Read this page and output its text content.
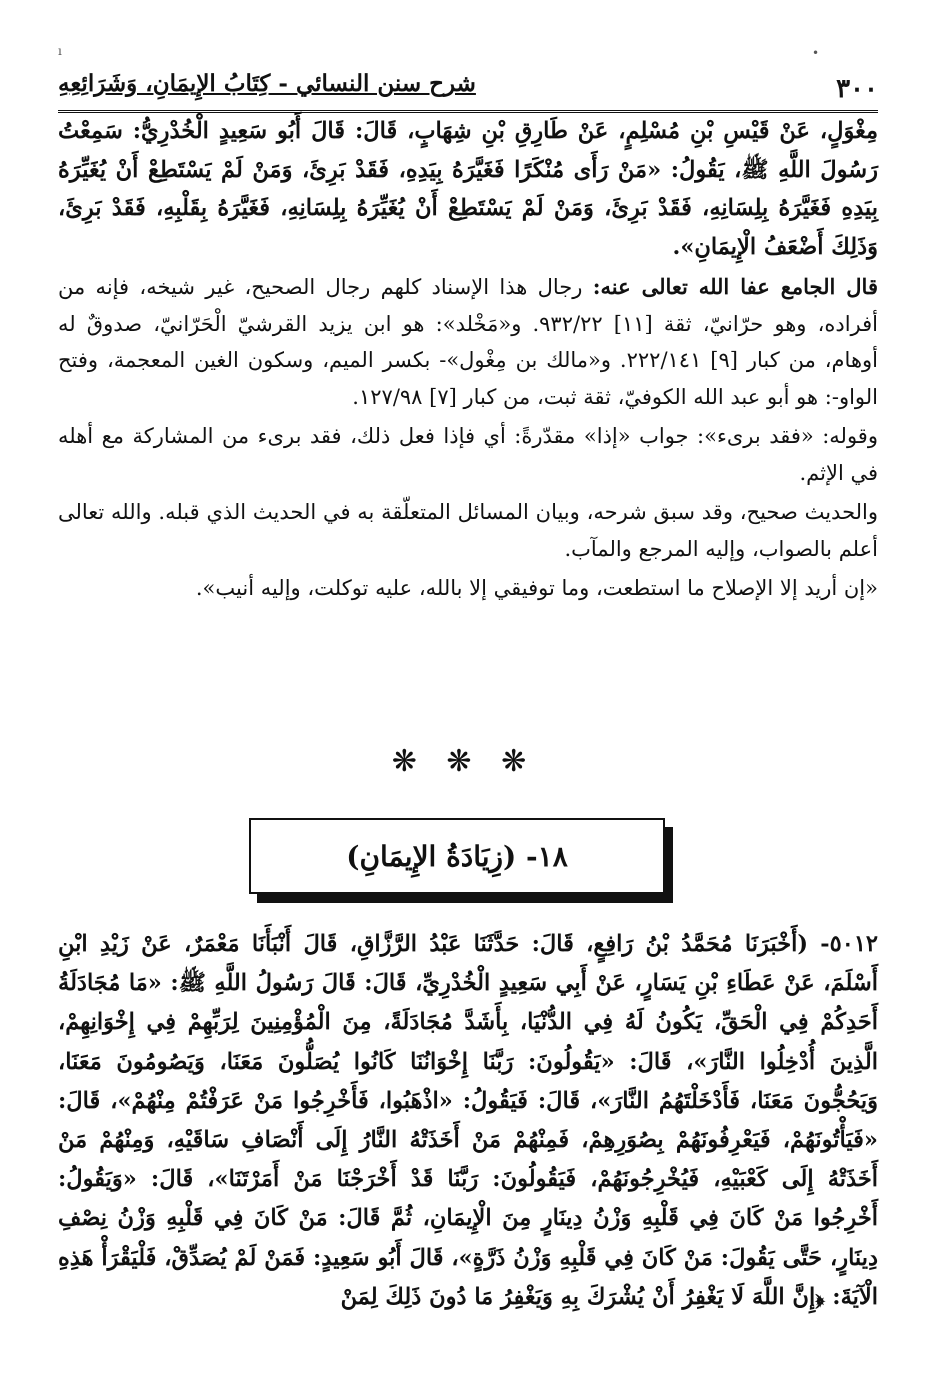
ı	•
٣٠٠
شرح سنن النسائي - كِتَابُ الإِيمَانِ، وَشَرَائِعِهِ

مِغْوَلٍ، عَنْ قَيْسِ بْنِ مُسْلِمٍ، عَنْ طَارِقِ بْنِ شِهَابٍ، قَالَ: قَالَ أَبُو سَعِيدٍ الْخُدْرِيُّ: سَمِعْتُ رَسُولَ اللَّهِ ﷺ، يَقُولُ: «مَنْ رَأَى مُنْكَرًا فَغَيَّرَهُ بِيَدِهِ، فَقَدْ بَرِئَ، وَمَنْ لَمْ يَسْتَطِعْ أَنْ يُغَيِّرَهُ بِيَدِهِ فَغَيَّرَهُ بِلِسَانِهِ، فَقَدْ بَرِئَ، وَمَنْ لَمْ يَسْتَطِعْ أَنْ يُغَيِّرَهُ بِلِسَانِهِ، فَغَيَّرَهُ بِقَلْبِهِ، فَقَدْ بَرِئَ، وَذَلِكَ أَضْعَفُ الْإِيمَانِ».

قال الجامع عفا الله تعالى عنه: رجال هذا الإسناد كلهم رجال الصحيح، غير شيخه، فإنه من أفراده، وهو حرّانيّ، ثقة [١١] ٩٣٢/٢٢. و«مَخْلد»: هو ابن يزيد القرشيّ الْحَرّانيّ، صدوقٌ له أوهام، من كبار [٩] ٢٢٢/١٤١. و«مالك بن مِغْول»- بكسر الميم، وسكون الغين المعجمة، وفتح الواو-: هو أبو عبد الله الكوفيّ، ثقة ثبت، من كبار [٧] ١٢٧/٩٨.

وقوله: «فقد برىء»: جواب «إذا» مقدّرةً: أي فإذا فعل ذلك، فقد برىء من المشاركة مع أهله في الإثم.

والحديث صحيح، وقد سبق شرحه، وبيان المسائل المتعلّقة به في الحديث الذي قبله. والله تعالى أعلم بالصواب، وإليه المرجع والمآب.

«إن أريد إلا الإصلاح ما استطعت، وما توفيقي إلا بالله، عليه توكلت، وإليه أنيب».

❋ ❋ ❋
١٨- (زِيَادَةُ الإِيمَانِ)

٥٠١٢- (أَخْبَرَنَا مُحَمَّدُ بْنُ رَافِعٍ، قَالَ: حَدَّثَنَا عَبْدُ الرَّزَّاقِ، قَالَ أَنْبَأَنَا مَعْمَرٌ، عَنْ زَيْدِ ابْنِ أَسْلَمَ، عَنْ عَطَاءِ بْنِ يَسَارٍ، عَنْ أَبِي سَعِيدٍ الْخُدْرِيِّ، قَالَ: قَالَ رَسُولُ اللَّهِ ﷺ: «مَا مُجَادَلَةُ أَحَدِكُمْ فِي الْحَقِّ، يَكُونُ لَهُ فِي الدُّنْيَا، بِأَشَدَّ مُجَادَلَةً، مِنَ الْمُؤْمِنِينَ لِرَبِّهِمْ فِي إِخْوَانِهِمْ، الَّذِينَ أُدْخِلُوا النَّارَ»، قَالَ: «يَقُولُونَ: رَبَّنَا إِخْوَانُنَا كَانُوا يُصَلُّونَ مَعَنَا، وَيَصُومُونَ مَعَنَا، وَيَحُجُّونَ مَعَنَا، فَأَدْخَلْتَهُمُ النَّارَ»، قَالَ: فَيَقُولُ: «اذْهَبُوا، فَأَخْرِجُوا مَنْ عَرَفْتُمْ مِنْهُمْ»، قَالَ: «فَيَأْتُونَهُمْ، فَيَعْرِفُونَهُمْ بِصُوَرِهِمْ، فَمِنْهُمْ مَنْ أَخَذَتْهُ النَّارُ إِلَى أَنْصَافِ سَاقَيْهِ، وَمِنْهُمْ مَنْ أَخَذَتْهُ إِلَى كَعْبَيْهِ، فَيُخْرِجُونَهُمْ، فَيَقُولُونَ: رَبَّنَا قَدْ أَخْرَجْنَا مَنْ أَمَرْتَنَا»، قَالَ: «وَيَقُولُ: أَخْرِجُوا مَنْ كَانَ فِي قَلْبِهِ وَزْنُ دِينَارٍ مِنَ الْإِيمَانِ، ثُمَّ قَالَ: مَنْ كَانَ فِي قَلْبِهِ وَزْنُ نِصْفِ دِينَارٍ، حَتَّى يَقُولَ: مَنْ كَانَ فِي قَلْبِهِ وَزْنُ ذَرَّةٍ»، قَالَ أَبُو سَعِيدٍ: فَمَنْ لَمْ يُصَدِّقْ، فَلْيَقْرَأْ هَذِهِ الْآيَةَ: ﴿إِنَّ اللَّهَ لَا يَغْفِرُ أَنْ يُشْرَكَ بِهِ وَيَغْفِرُ مَا دُونَ ذَلِكَ لِمَنْ
